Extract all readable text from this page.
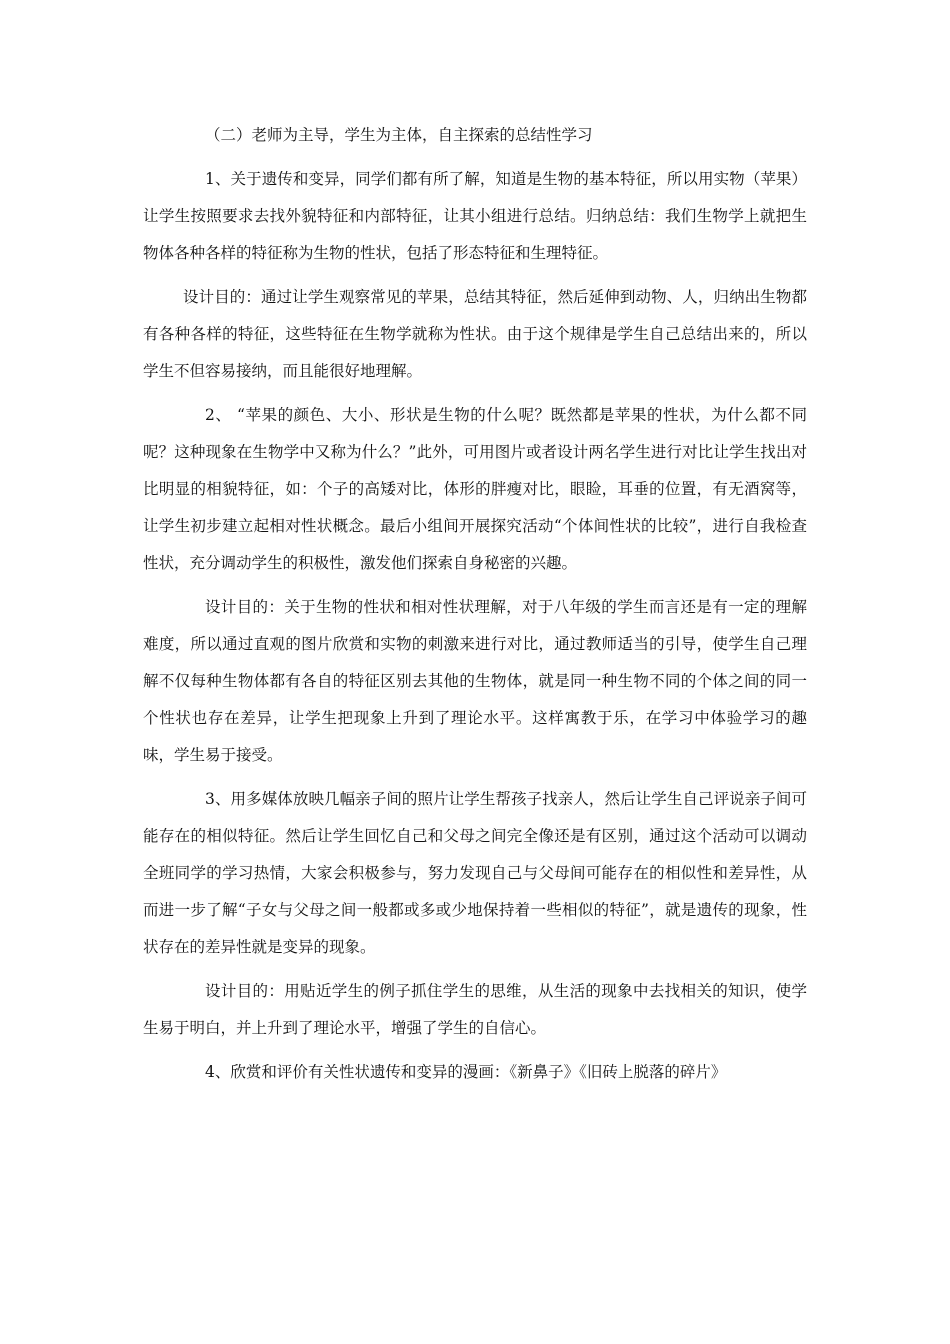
（二）老师为主导，学生为主体，自主探索的总结性学习

1、关于遗传和变异，同学们都有所了解，知道是生物的基本特征，所以用实物（苹果）让学生按照要求去找外貌特征和内部特征，让其小组进行总结。归纳总结：我们生物学上就把生物体各种各样的特征称为生物的性状，包括了形态特征和生理特征。

设计目的：通过让学生观察常见的苹果，总结其特征，然后延伸到动物、人，归纳出生物都有各种各样的特征，这些特征在生物学就称为性状。由于这个规律是学生自己总结出来的，所以学生不但容易接纳，而且能很好地理解。

2、 “苹果的颜色、大小、形状是生物的什么呢？既然都是苹果的性状，为什么都不同呢？这种现象在生物学中又称为什么？”此外，可用图片或者设计两名学生进行对比让学生找出对比明显的相貌特征，如：个子的高矮对比，体形的胖瘦对比，眼睑，耳垂的位置，有无酒窝等，让学生初步建立起相对性状概念。最后小组间开展探究活动“个体间性状的比较”，进行自我检查性状，充分调动学生的积极性，激发他们探索自身秘密的兴趣。

设计目的：关于生物的性状和相对性状理解，对于八年级的学生而言还是有一定的理解难度，所以通过直观的图片欣赏和实物的刺激来进行对比，通过教师适当的引导，使学生自己理解不仅每种生物体都有各自的特征区别去其他的生物体，就是同一种生物不同的个体之间的同一个性状也存在差异，让学生把现象上升到了理论水平。这样寓教于乐，在学习中体验学习的趣味，学生易于接受。

3、用多媒体放映几幅亲子间的照片让学生帮孩子找亲人，然后让学生自己评说亲子间可能存在的相似特征。然后让学生回忆自己和父母之间完全像还是有区别，通过这个活动可以调动全班同学的学习热情，大家会积极参与，努力发现自己与父母间可能存在的相似性和差异性，从而进一步了解“子女与父母之间一般都或多或少地保持着一些相似的特征”，就是遗传的现象，性状存在的差异性就是变异的现象。

设计目的：用贴近学生的例子抓住学生的思维，从生活的现象中去找相关的知识，使学生易于明白，并上升到了理论水平，增强了学生的自信心。

4、欣赏和评价有关性状遗传和变异的漫画：《新鼻子》《旧砖上脱落的碎片》
